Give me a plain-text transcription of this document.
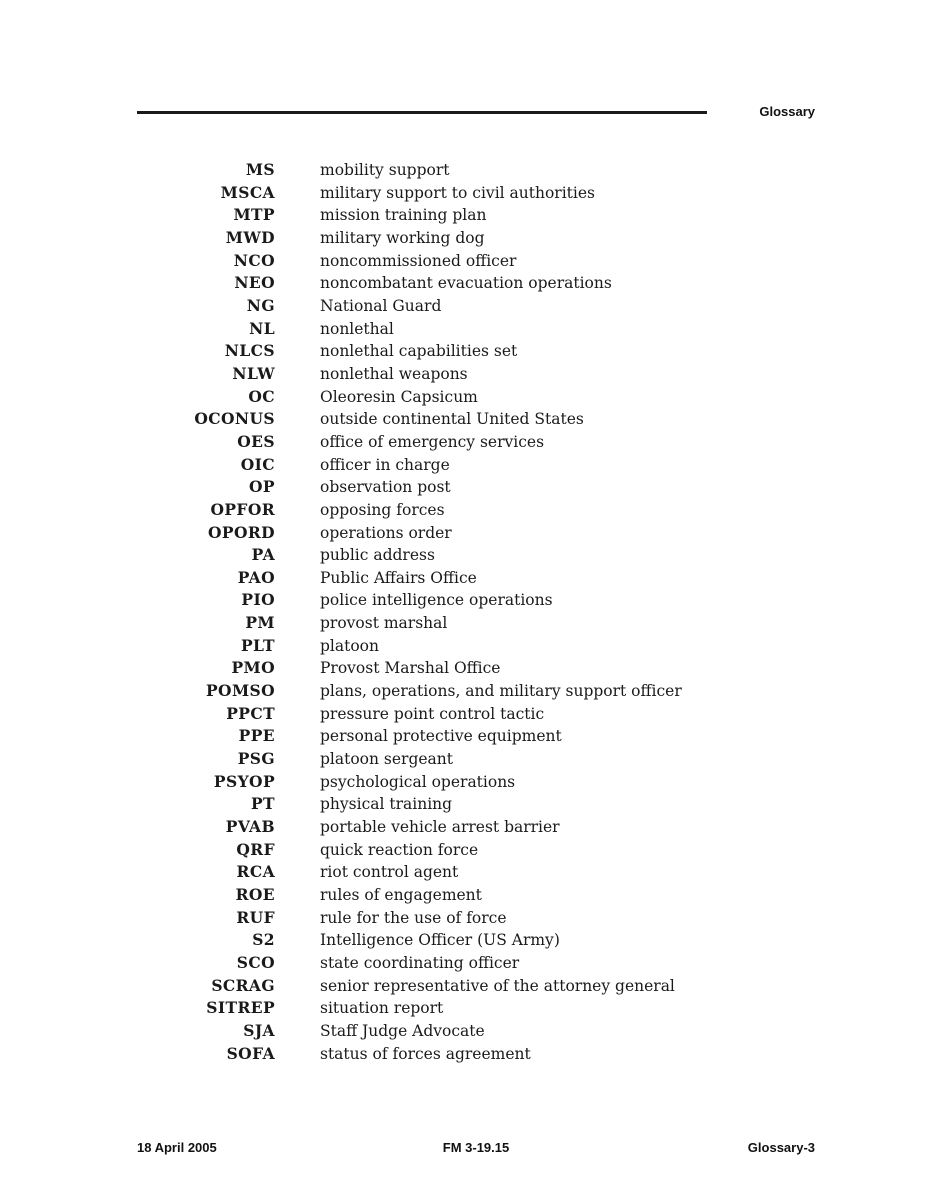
Glossary
MS	mobility support
MSCA	military support to civil authorities
MTP	mission training plan
MWD	military working dog
NCO	noncommissioned officer
NEO	noncombatant evacuation operations
NG	National Guard
NL	nonlethal
NLCS	nonlethal capabilities set
NLW	nonlethal weapons
OC	Oleoresin Capsicum
OCONUS	outside continental United States
OES	office of emergency services
OIC	officer in charge
OP	observation post
OPFOR	opposing forces
OPORD	operations order
PA	public address
PAO	Public Affairs Office
PIO	police intelligence operations
PM	provost marshal
PLT	platoon
PMO	Provost Marshal Office
POMSO	plans, operations, and military support officer
PPCT	pressure point control tactic
PPE	personal protective equipment
PSG	platoon sergeant
PSYOP	psychological operations
PT	physical training
PVAB	portable vehicle arrest barrier
QRF	quick reaction force
RCA	riot control agent
ROE	rules of engagement
RUF	rule for the use of force
S2	Intelligence Officer (US Army)
SCO	state coordinating officer
SCRAG	senior representative of the attorney general
SITREP	situation report
SJA	Staff Judge Advocate
SOFA	status of forces agreement
18 April 2005	FM 3-19.15	Glossary-3
